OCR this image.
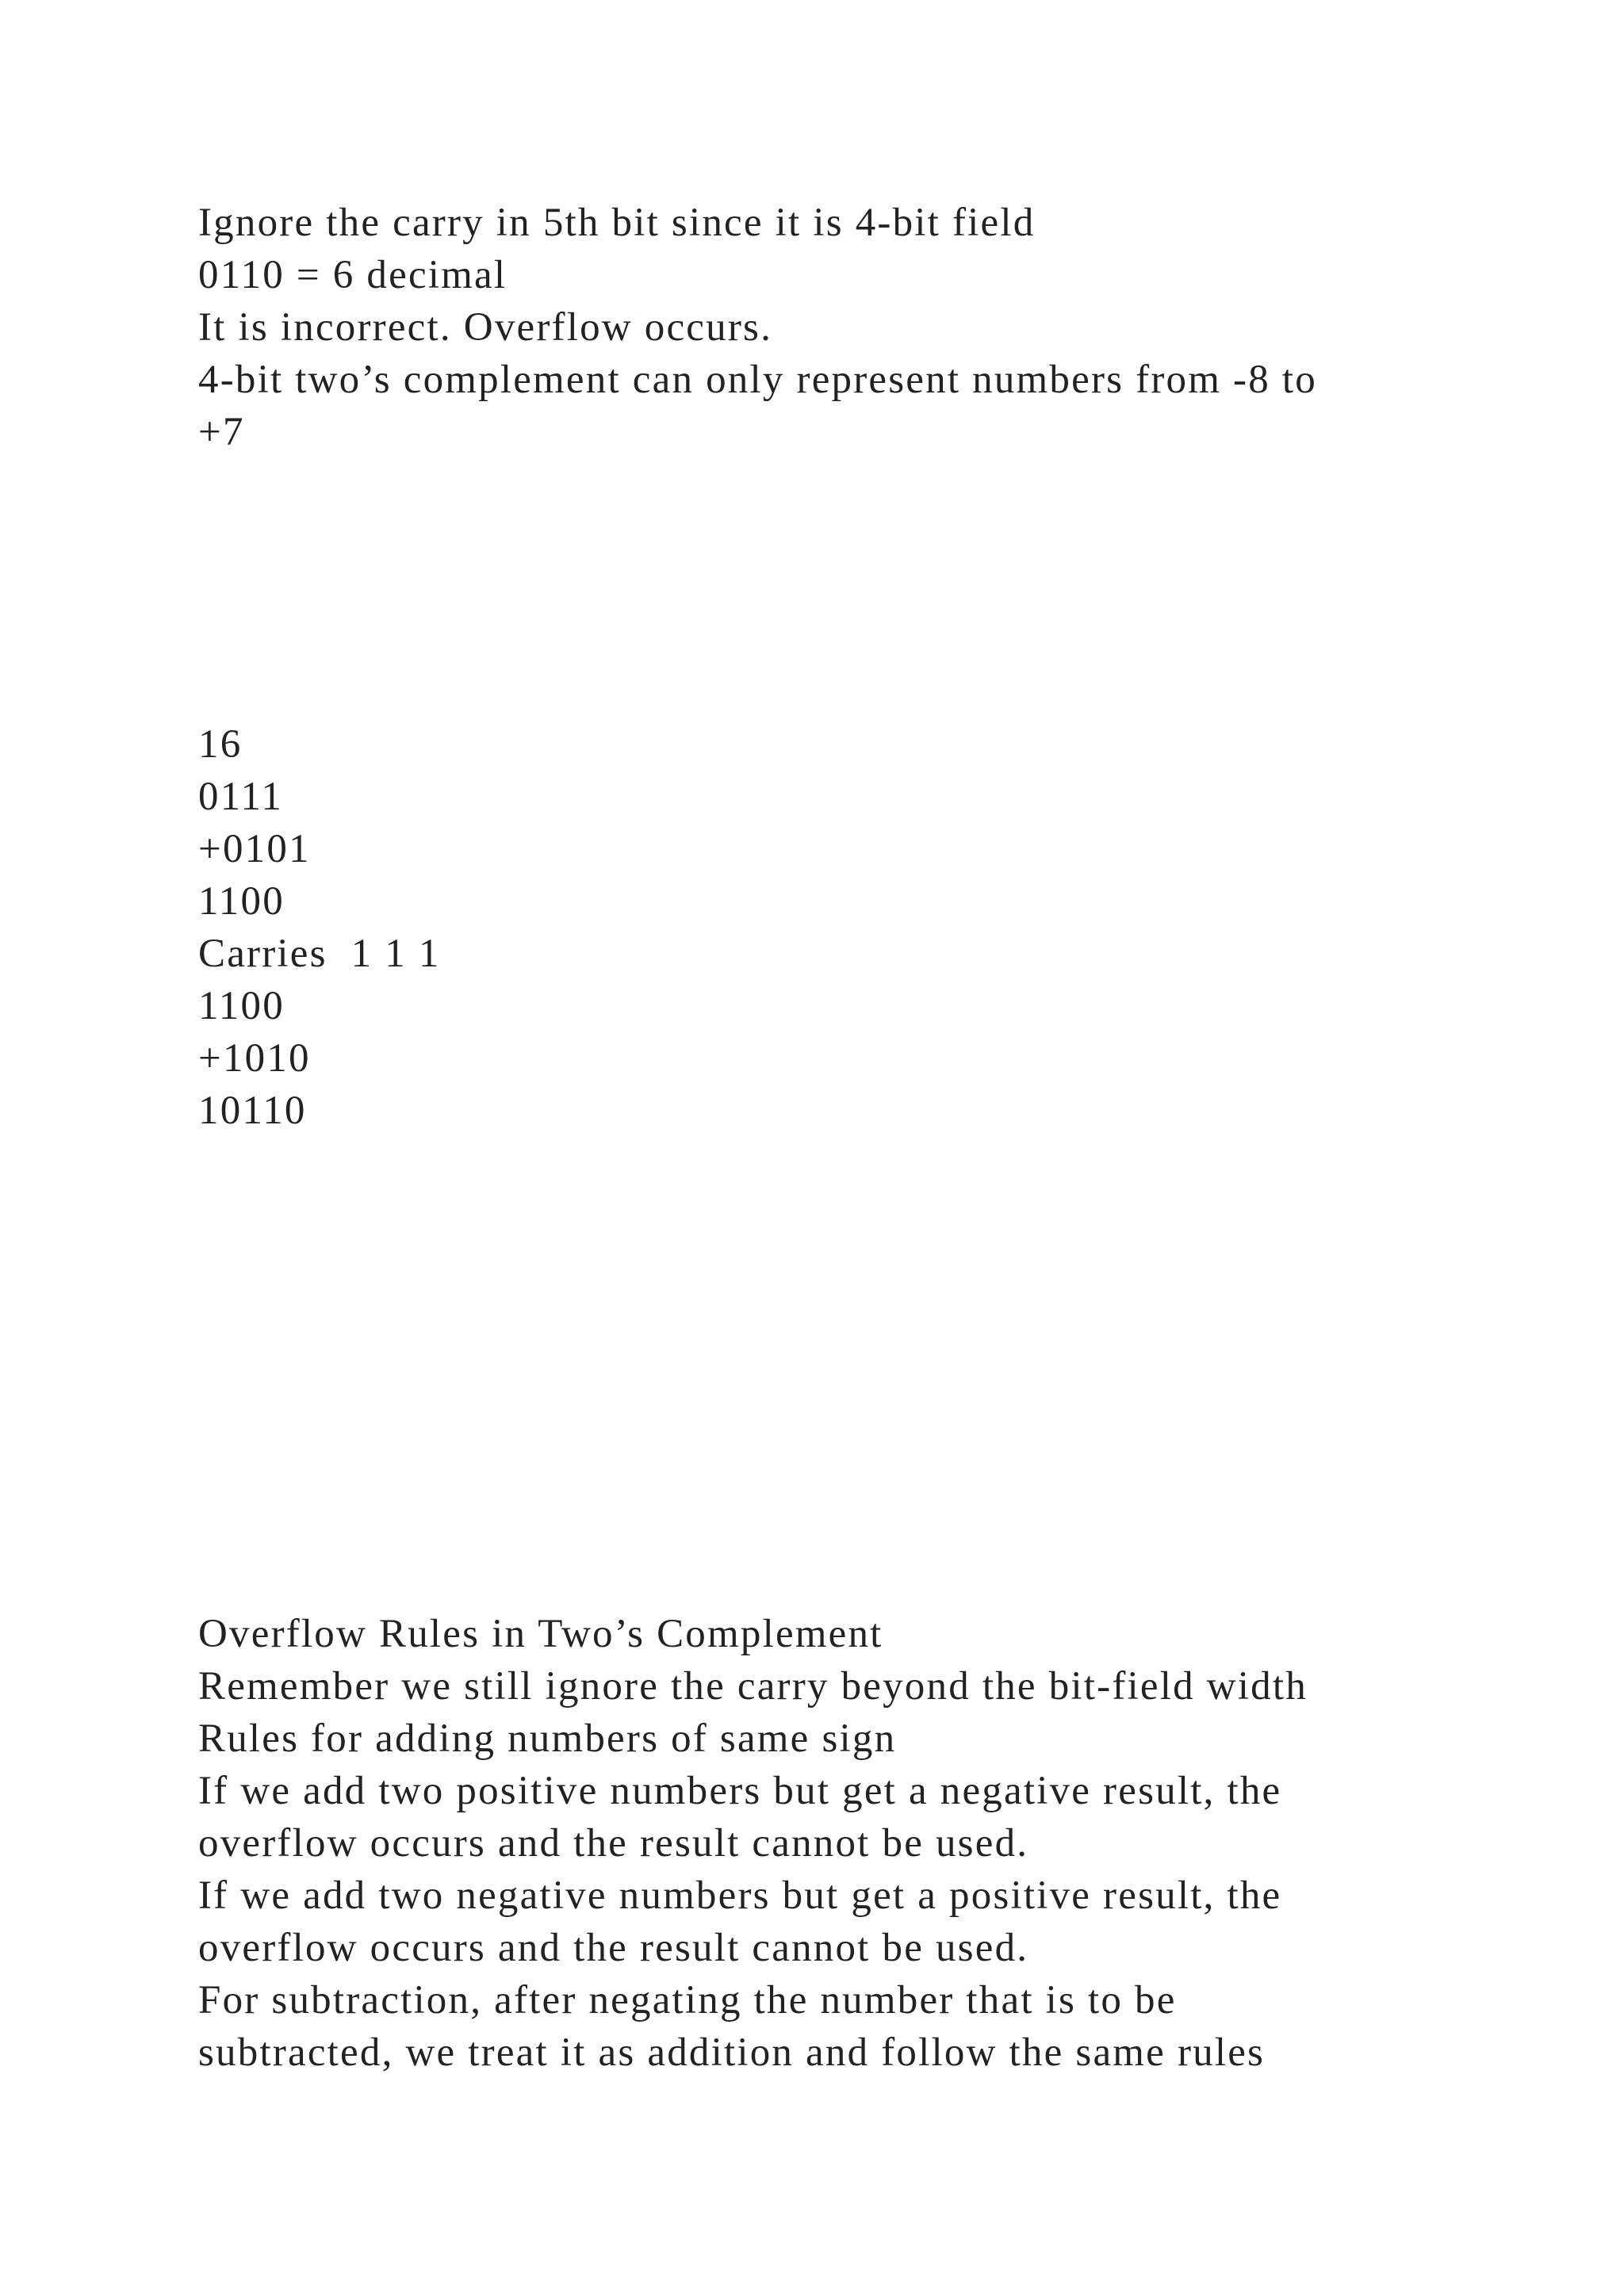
Ignore the carry in 5th bit since it is 4-bit field
0110 = 6 decimal
It is incorrect. Overflow occurs.
4-bit two’s complement can only represent numbers from -8 to
+7
16
0111
+0101
1100
Carries  1 1 1
1100
+1010
10110
Overflow Rules in Two’s Complement
Remember we still ignore the carry beyond the bit-field width
Rules for adding numbers of same sign
If we add two positive numbers but get a negative result, the
overflow occurs and the result cannot be used.
If we add two negative numbers but get a positive result, the
overflow occurs and the result cannot be used.
For subtraction, after negating the number that is to be
subtracted, we treat it as addition and follow the same rules
